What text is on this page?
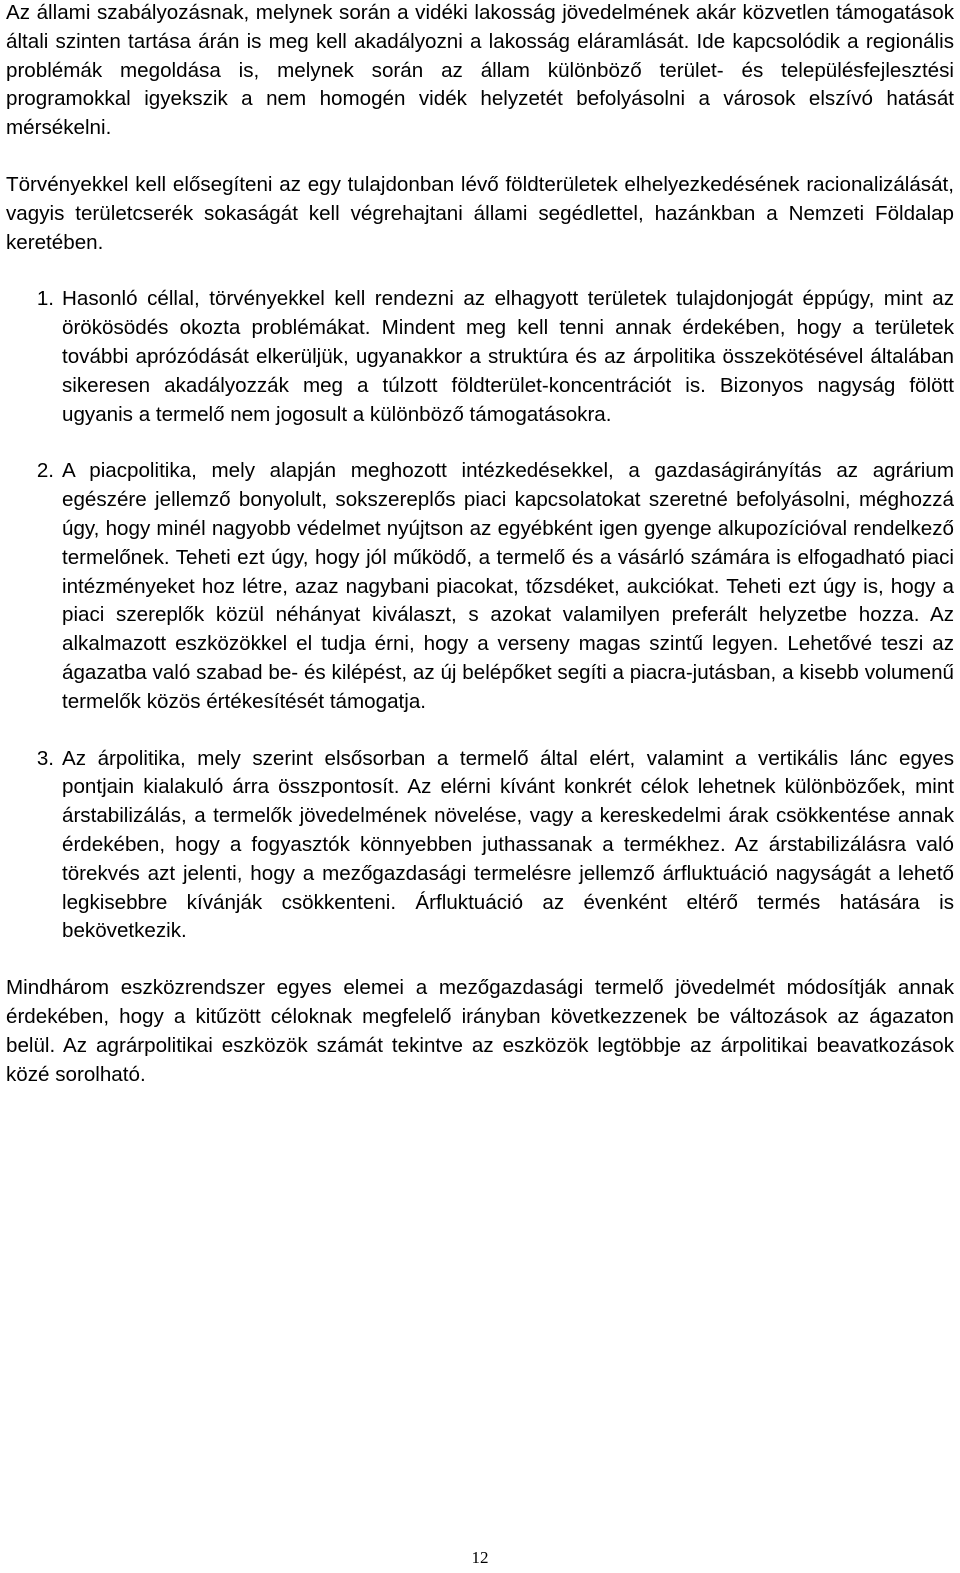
Az állami szabályozásnak, melynek során a vidéki lakosság jövedelmének akár közvetlen támogatások általi szinten tartása árán is meg kell akadályozni a lakosság eláramlását. Ide kapcsolódik a regionális problémák megoldása is, melynek során az állam különböző terület- és településfejlesztési programokkal igyekszik a nem homogén vidék helyzetét befolyásolni a városok elszívó hatását mérsékelni.

Törvényekkel kell elősegíteni az egy tulajdonban lévő földterületek elhelyezkedésének racionalizálását, vagyis területcserék sokaságát kell végrehajtani állami segédlettel, hazánkban a Nemzeti Földalap keretében.

1. Hasonló céllal, törvényekkel kell rendezni az elhagyott területek tulajdonjogát éppúgy, mint az örökösödés okozta problémákat. Mindent meg kell tenni annak érdekében, hogy a területek további aprózódását elkerüljük, ugyanakkor a struktúra és az árpolitika összekötésével általában sikeresen akadályozzák meg a túlzott földterület-koncentrációt is. Bizonyos nagyság fölött ugyanis a termelő nem jogosult a különböző támogatásokra.

2. A piacpolitika, mely alapján meghozott intézkedésekkel, a gazdaságirányítás az agrárium egészére jellemző bonyolult, sokszereplős piaci kapcsolatokat szeretné befolyásolni, méghozzá úgy, hogy minél nagyobb védelmet nyújtson az egyébként igen gyenge alkupozícióval rendelkező termelőnek. Teheti ezt úgy, hogy jól működő, a termelő és a vásárló számára is elfogadható piaci intézményeket hoz létre, azaz nagybani piacokat, tőzsdéket, aukciókat. Teheti ezt úgy is, hogy a piaci szereplők közül néhányat kiválaszt, s azokat valamilyen preferált helyzetbe hozza. Az alkalmazott eszközökkel el tudja érni, hogy a verseny magas szintű legyen. Lehetővé teszi az ágazatba való szabad be- és kilépést, az új belépőket segíti a piacra-jutásban, a kisebb volumenű termelők közös értékesítését támogatja.

3. Az árpolitika, mely szerint elsősorban a termelő által elért, valamint a vertikális lánc egyes pontjain kialakuló árra összpontosít. Az elérni kívánt konkrét célok lehetnek különbözőek, mint árstabilizálás, a termelők jövedelmének növelése, vagy a kereskedelmi árak csökkentése annak érdekében, hogy a fogyasztók könnyebben juthassanak a termékhez. Az árstabilizálásra való törekvés azt jelenti, hogy a mezőgazdasági termelésre jellemző árfluktuáció nagyságát a lehető legkisebbre kívánják csökkenteni. Árfluktuáció az évenként eltérő termés hatására is bekövetkezik.

Mindhárom eszközrendszer egyes elemei a mezőgazdasági termelő jövedelmét módosítják annak érdekében, hogy a kitűzött céloknak megfelelő irányban következzenek be változások az ágazaton belül. Az agrárpolitikai eszközök számát tekintve az eszközök legtöbbje az árpolitikai beavatkozások közé sorolható.

12
